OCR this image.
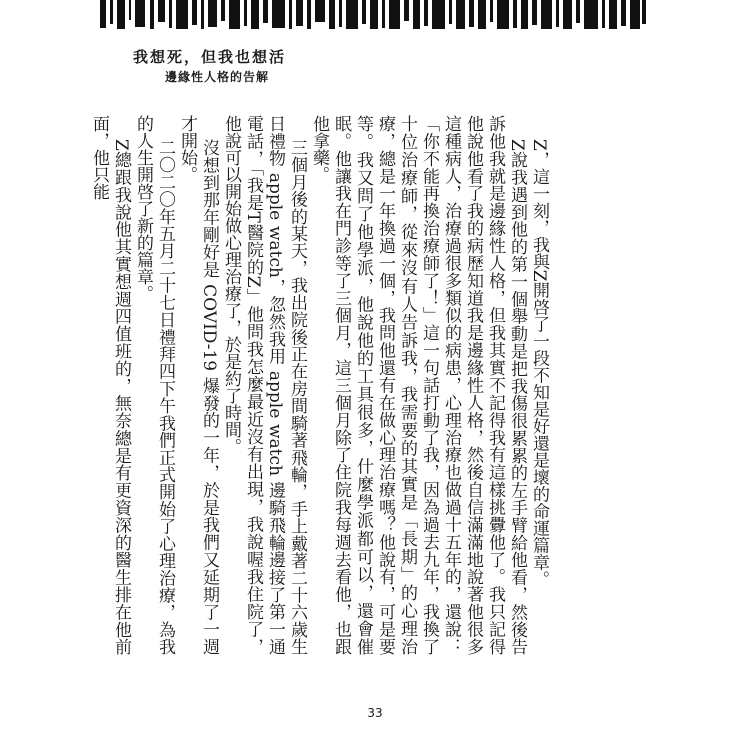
我想死，但我也想活
邊緣性人格的告解

Z，這一刻，我與Z開啓了一段不知是好還是壞的命運篇章。

Z說我遇到他的第一個舉動是把我傷很累累的左手臂給他看，然後告訴他我就是邊緣性人格，但我其實不記得我有這樣挑釁他了。我只記得他說他看了我的病歷知道我是邊緣性人格，然後自信滿滿地說著他很多這種病人，治療過很多類似的病患，心理治療也做過十五年的，還說：「你不能再換治療師了！」這一句話打動了我，因為過去九年，我換了十位治療師，從來沒有人告訴我，我需要的其實是「長期」的心理治療，總是一年換過一個，我問他還有在做心理治療嗎？他說有，可是要等。我又問了他學派，他說他的工具很多，什麼學派都可以，還會催眠。他讓我在門診等了三個月，這三個月除了住院我每週去看他，也跟他拿藥。

三個月後的某天，我出院後正在房間騎著飛輪，手上戴著二十六歲生日禮物 apple watch，忽然我用 apple watch 邊騎飛輪邊接了第一通電話，「我是T醫院的Z」他問我怎麼最近沒有出現，我說喔我住院了，他說可以開始做心理治療了，於是約了時間。

沒想到那年剛好是 COVID-19 爆發的一年，於是我們又延期了一週才開始。

二〇二〇年五月二十七日禮拜四下午我們正式開始了心理治療，為我的人生開啓了新的篇章。

Z總跟我說他其實想週四值班的，無奈總是有更資深的醫生排在他前面，他只能

33
